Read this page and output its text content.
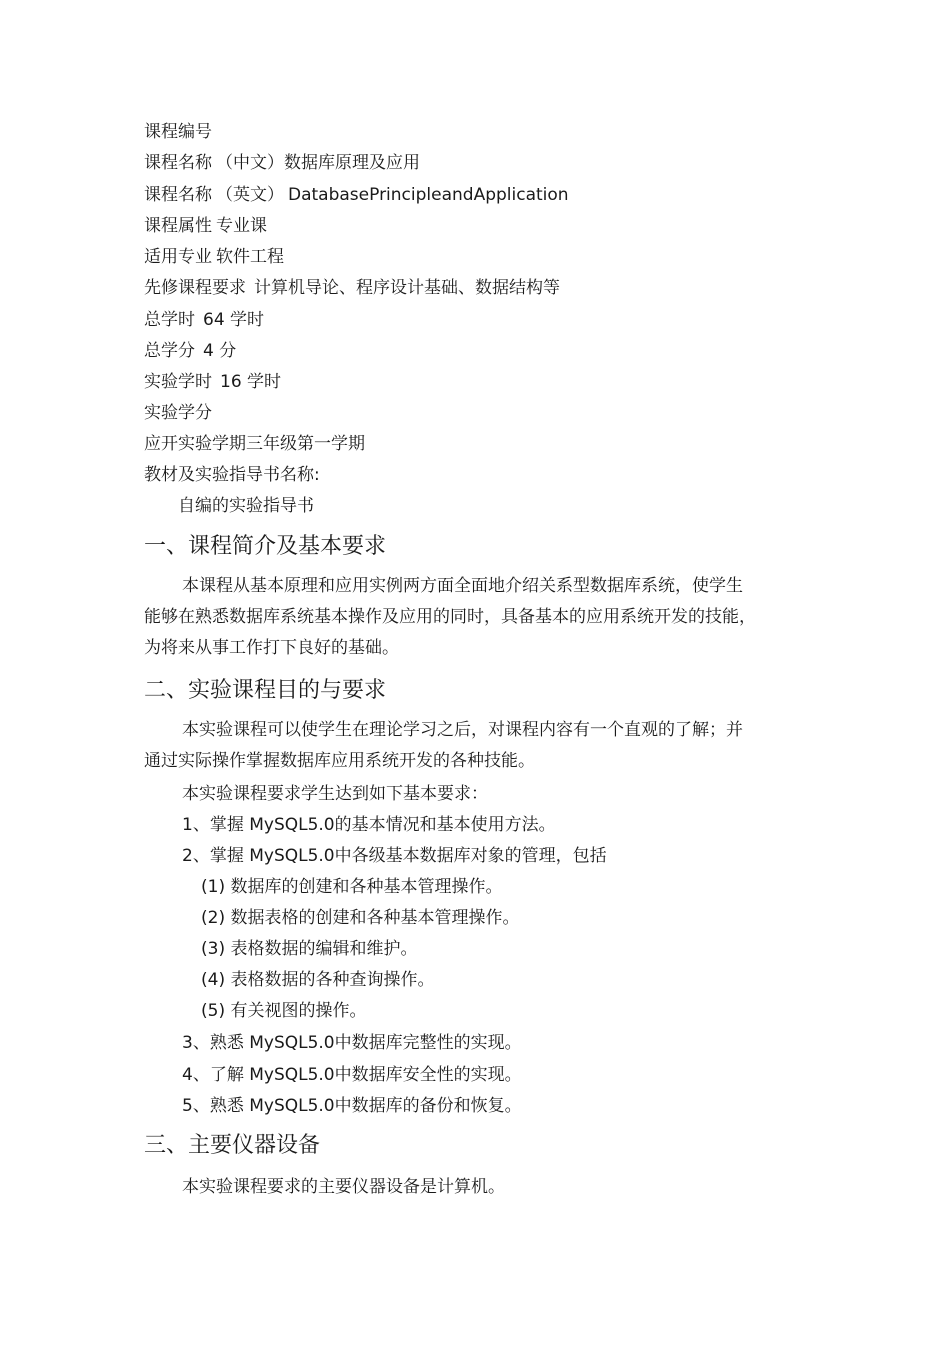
课程编号
课程名称 （中文）数据库原理及应用
课程名称 （英文） DatabasePrincipleandApplication
课程属性 专业课
适用专业 软件工程
先修课程要求 计算机导论、程序设计基础、数据结构等
总学时 64 学时
总学分 4 分
实验学时 16 学时
实验学分
应开实验学期三年级第一学期
教材及实验指导书名称:
自编的实验指导书
一、课程简介及基本要求

本课程从基本原理和应用实例两方面全面地介绍关系型数据库系统，使学生能够在熟悉数据库系统基本操作及应用的同时，具备基本的应用系统开发的技能，为将来从事工作打下良好的基础。

二、实验课程目的与要求

本实验课程可以使学生在理论学习之后，对课程内容有一个直观的了解；并通过实际操作掌握数据库应用系统开发的各种技能。

本实验课程要求学生达到如下基本要求：
1、掌握 MySQL5.0的基本情况和基本使用方法。
2、掌握 MySQL5.0中各级基本数据库对象的管理，包括
(1) 数据库的创建和各种基本管理操作。
(2) 数据表格的创建和各种基本管理操作。
(3) 表格数据的编辑和维护。
(4) 表格数据的各种查询操作。
(5) 有关视图的操作。
3、熟悉 MySQL5.0中数据库完整性的实现。
4、了解 MySQL5.0中数据库安全性的实现。
5、熟悉 MySQL5.0中数据库的备份和恢复。
三、主要仪器设备
本实验课程要求的主要仪器设备是计算机。
